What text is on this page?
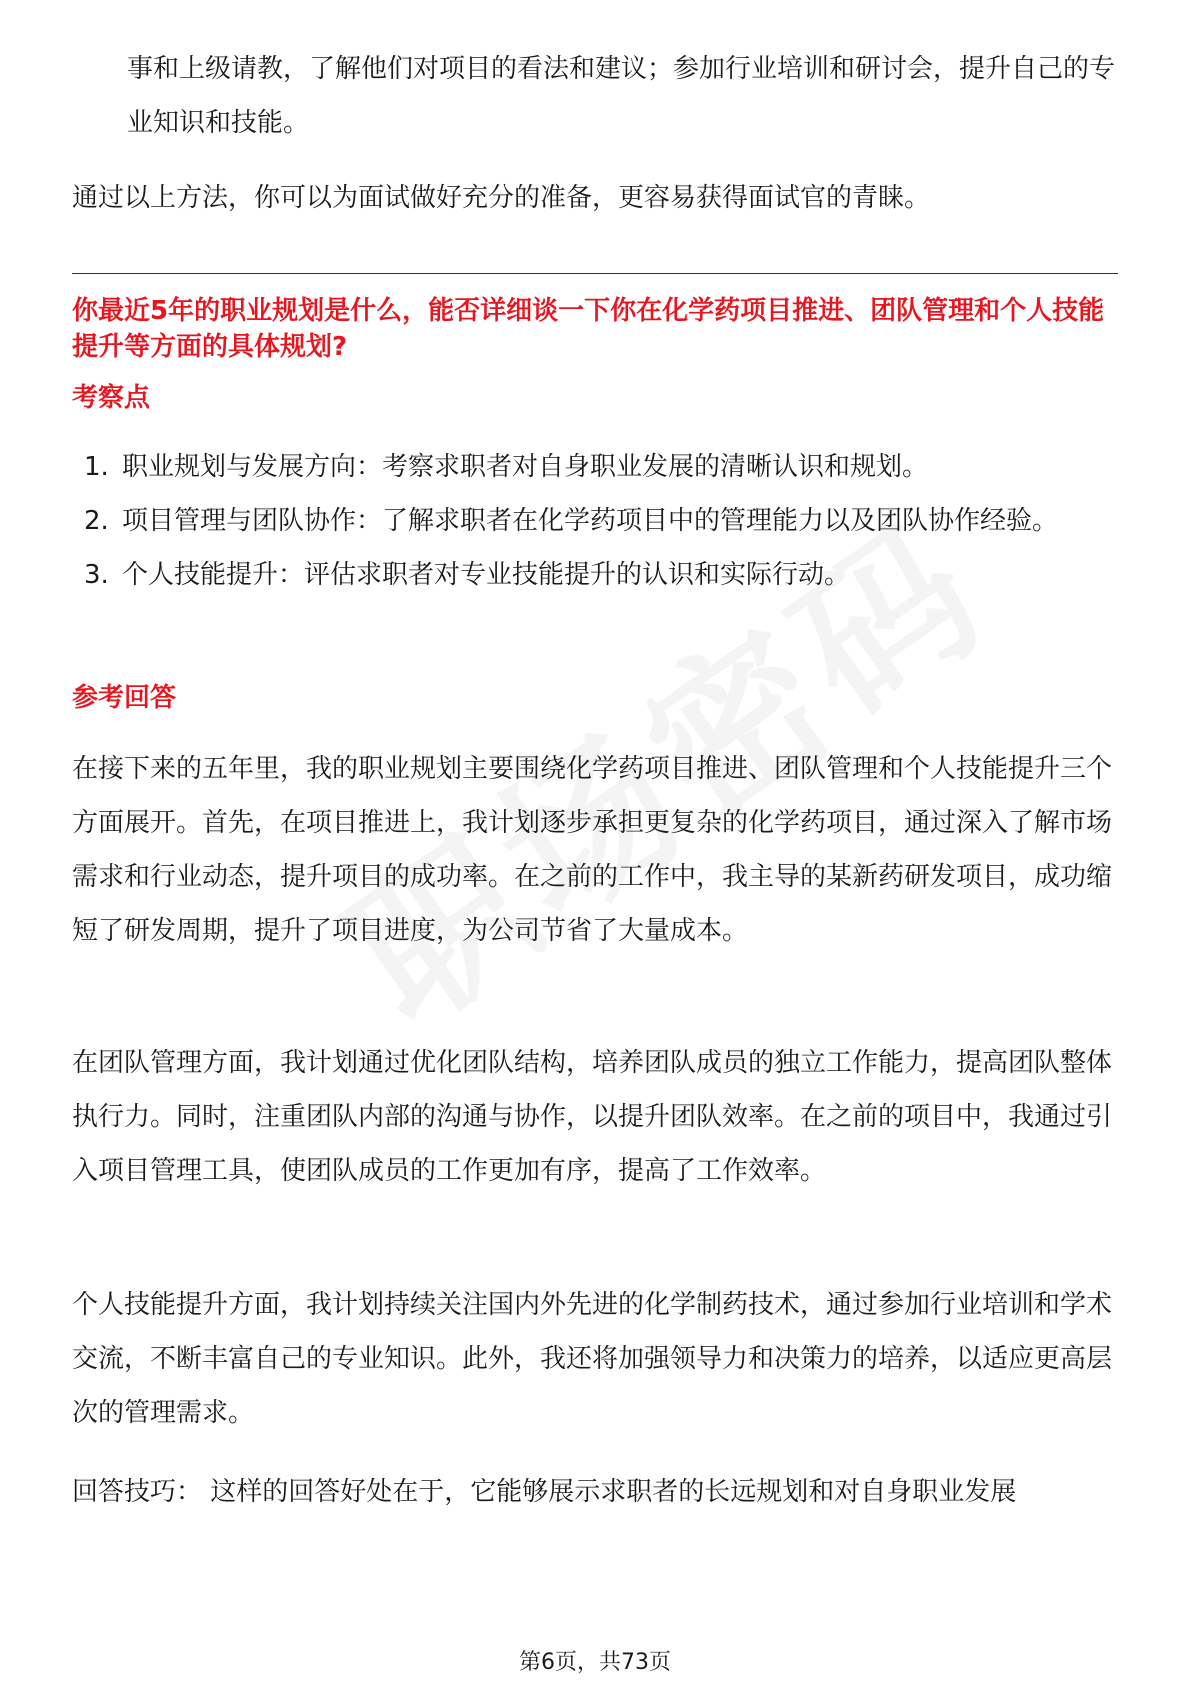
事和上级请教，了解他们对项目的看法和建议；参加行业培训和研讨会，提升自己的专业知识和技能。

通过以上方法，你可以为面试做好充分的准备，更容易获得面试官的青睐。

你最近5年的职业规划是什么，能否详细谈一下你在化学药项目推进、团队管理和个人技能提升等方面的具体规划?

考察点

1. 职业规划与发展方向：考察求职者对自身职业发展的清晰认识和规划。
2. 项目管理与团队协作：了解求职者在化学药项目中的管理能力以及团队协作经验。
3. 个人技能提升：评估求职者对专业技能提升的认识和实际行动。

参考回答

在接下来的五年里，我的职业规划主要围绕化学药项目推进、团队管理和个人技能提升三个方面展开。首先，在项目推进上，我计划逐步承担更复杂的化学药项目，通过深入了解市场需求和行业动态，提升项目的成功率。在之前的工作中，我主导的某新药研发项目，成功缩短了研发周期，提升了项目进度，为公司节省了大量成本。

在团队管理方面，我计划通过优化团队结构，培养团队成员的独立工作能力，提高团队整体执行力。同时，注重团队内部的沟通与协作，以提升团队效率。在之前的项目中，我通过引入项目管理工具，使团队成员的工作更加有序，提高了工作效率。

个人技能提升方面，我计划持续关注国内外先进的化学制药技术，通过参加行业培训和学术交流，不断丰富自己的专业知识。此外，我还将加强领导力和决策力的培养，以适应更高层次的管理需求。

回答技巧： 这样的回答好处在于，它能够展示求职者的长远规划和对自身职业发展

第6页，共73页
